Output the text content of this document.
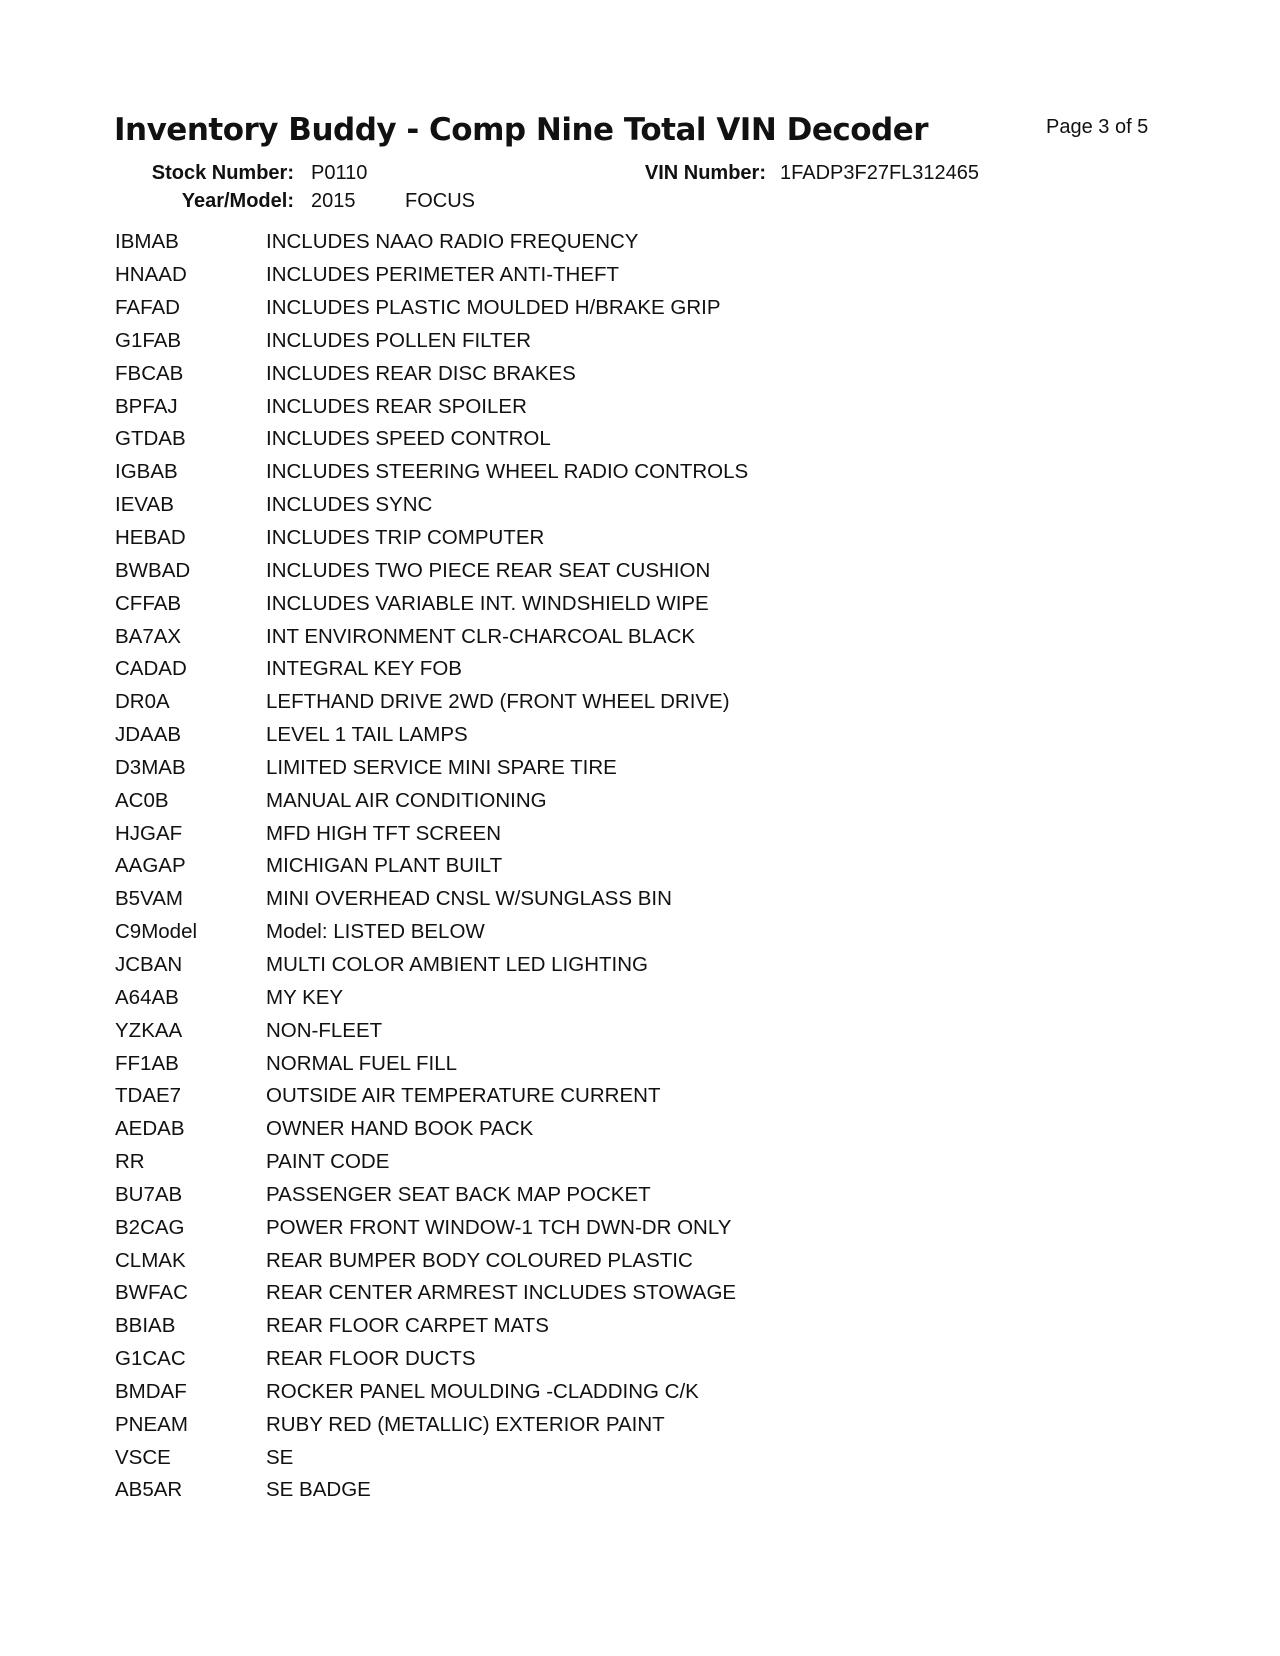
Inventory Buddy - Comp Nine Total VIN Decoder	Page 3 of 5
Stock Number: P0110	VIN Number: 1FADP3F27FL312465
Year/Model: 2015 FOCUS
IBMAB	INCLUDES NAAO RADIO FREQUENCY
HNAAD	INCLUDES PERIMETER ANTI-THEFT
FAFAD	INCLUDES PLASTIC MOULDED H/BRAKE GRIP
G1FAB	INCLUDES POLLEN FILTER
FBCAB	INCLUDES REAR DISC BRAKES
BPFAJ	INCLUDES REAR SPOILER
GTDAB	INCLUDES SPEED CONTROL
IGBAB	INCLUDES STEERING WHEEL RADIO CONTROLS
IEVAB	INCLUDES SYNC
HEBAD	INCLUDES TRIP COMPUTER
BWBAD	INCLUDES TWO PIECE REAR SEAT CUSHION
CFFAB	INCLUDES VARIABLE INT. WINDSHIELD WIPE
BA7AX	INT ENVIRONMENT CLR-CHARCOAL BLACK
CADAD	INTEGRAL KEY FOB
DR0A	LEFTHAND DRIVE 2WD (FRONT WHEEL DRIVE)
JDAAB	LEVEL 1 TAIL LAMPS
D3MAB	LIMITED SERVICE MINI SPARE TIRE
AC0B	MANUAL AIR CONDITIONING
HJGAF	MFD HIGH TFT SCREEN
AAGAP	MICHIGAN PLANT BUILT
B5VAM	MINI OVERHEAD CNSL W/SUNGLASS BIN
C9Model	Model: LISTED BELOW
JCBAN	MULTI COLOR AMBIENT LED LIGHTING
A64AB	MY KEY
YZKAA	NON-FLEET
FF1AB	NORMAL FUEL FILL
TDAE7	OUTSIDE AIR TEMPERATURE CURRENT
AEDAB	OWNER HAND BOOK PACK
RR	PAINT CODE
BU7AB	PASSENGER SEAT BACK MAP POCKET
B2CAG	POWER FRONT WINDOW-1 TCH DWN-DR ONLY
CLMAK	REAR BUMPER BODY COLOURED PLASTIC
BWFAC	REAR CENTER ARMREST INCLUDES STOWAGE
BBIAB	REAR FLOOR CARPET MATS
G1CAC	REAR FLOOR DUCTS
BMDAF	ROCKER PANEL MOULDING -CLADDING C/K
PNEAM	RUBY RED (METALLIC) EXTERIOR PAINT
VSCE	SE
AB5AR	SE BADGE
